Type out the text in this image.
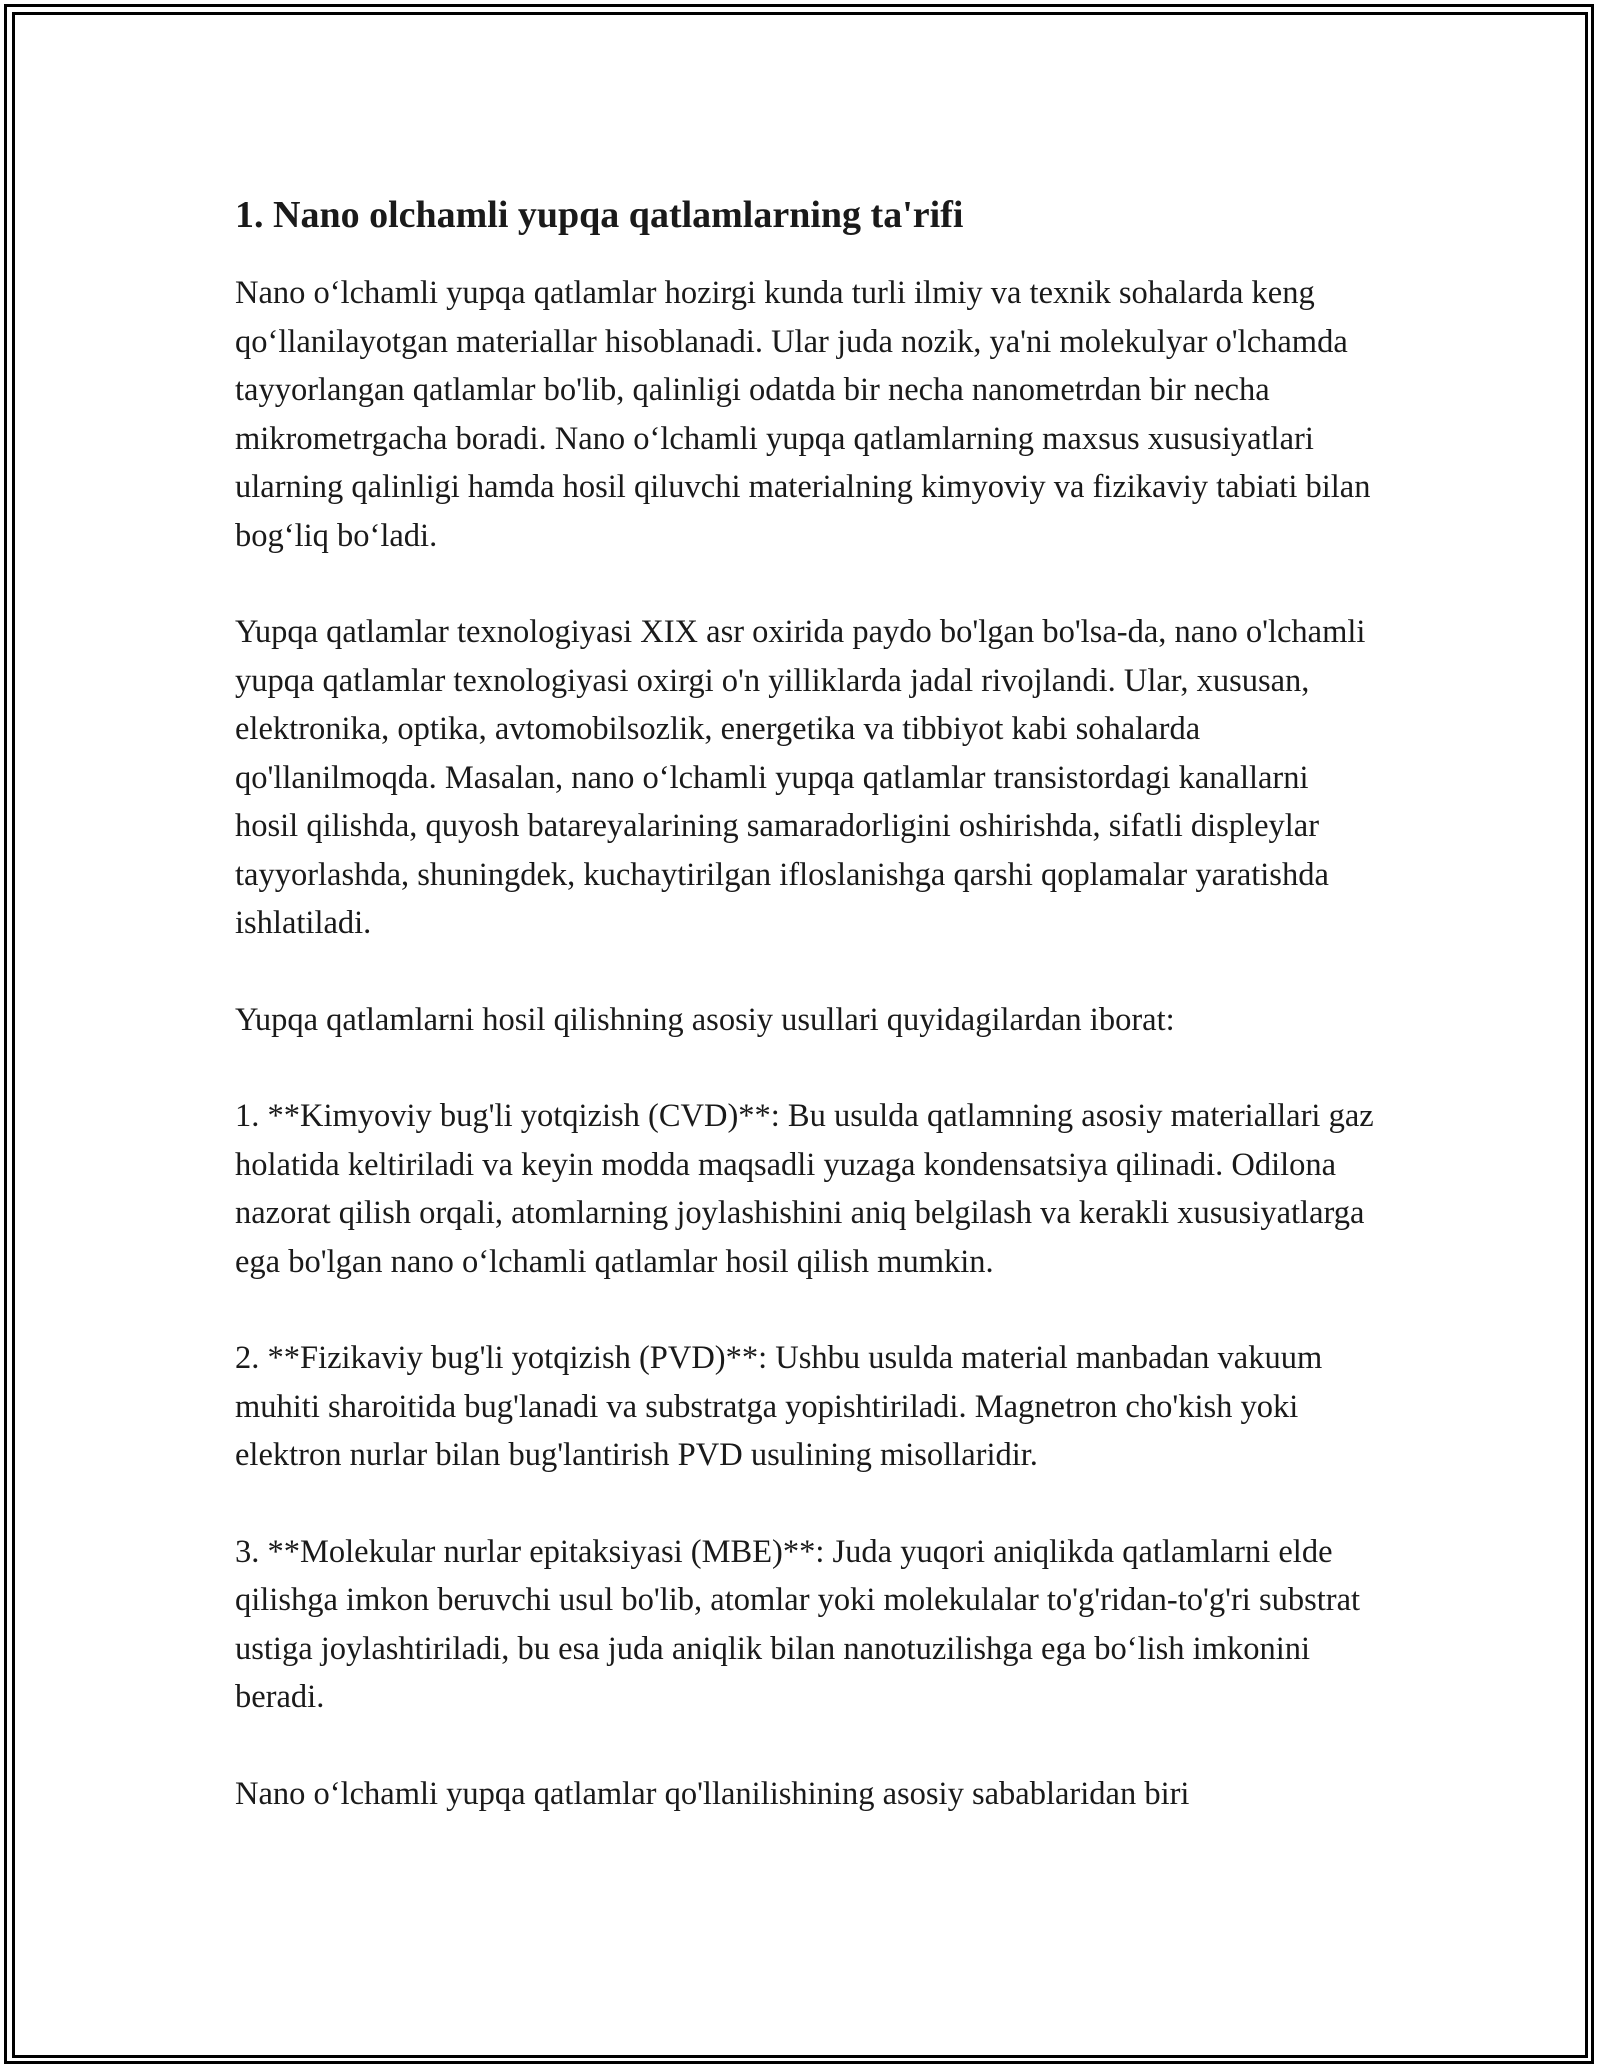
1. Nano olchamli yupqa qatlamlarning ta'rifi

Nano o‘lchamli yupqa qatlamlar hozirgi kunda turli ilmiy va texnik sohalarda keng qo‘llanilayotgan materiallar hisoblanadi. Ular juda nozik, ya'ni molekulyar o'lchamda tayyorlangan qatlamlar bo'lib, qalinligi odatda bir necha nanometrdan bir necha mikrometrgacha boradi. Nano o‘lchamli yupqa qatlamlarning maxsus xususiyatlari ularning qalinligi hamda hosil qiluvchi materialning kimyoviy va fizikaviy tabiati bilan bog‘liq bo‘ladi.

Yupqa qatlamlar texnologiyasi XIX asr oxirida paydo bo'lgan bo'lsa-da, nano o'lchamli yupqa qatlamlar texnologiyasi oxirgi o'n yilliklarda jadal rivojlandi. Ular, xususan, elektronika, optika, avtomobilsozlik, energetika va tibbiyot kabi sohalarda qo'llanilmoqda. Masalan, nano o‘lchamli yupqa qatlamlar transistordagi kanallarni hosil qilishda, quyosh batareyalarining samaradorligini oshirishda, sifatli displeylar tayyorlashda, shuningdek, kuchaytirilgan ifloslanishga qarshi qoplamalar yaratishda ishlatiladi.

Yupqa qatlamlarni hosil qilishning asosiy usullari quyidagilardan iborat:

1. **Kimyoviy bug'li yotqizish (CVD)**: Bu usulda qatlamning asosiy materiallari gaz holatida keltiriladi va keyin modda maqsadli yuzaga kondensatsiya qilinadi. Odilona nazorat qilish orqali, atomlarning joylashishini aniq belgilash va kerakli xususiyatlarga ega bo'lgan nano o‘lchamli qatlamlar hosil qilish mumkin.

2. **Fizikaviy bug'li yotqizish (PVD)**: Ushbu usulda material manbadan vakuum muhiti sharoitida bug'lanadi va substratga yopishtiriladi. Magnetron cho'kish yoki elektron nurlar bilan bug'lantirish PVD usulining misollaridir.

3. **Molekular nurlar epitaksiyasi (MBE)**: Juda yuqori aniqlikda qatlamlarni elde qilishga imkon beruvchi usul bo'lib, atomlar yoki molekulalar to'g'ridan-to'g'ri substrat ustiga joylashtiriladi, bu esa juda aniqlik bilan nanotuzilishga ega bo‘lish imkonini beradi.

Nano o‘lchamli yupqa qatlamlar qo'llanilishining asosiy sabablaridan biri
